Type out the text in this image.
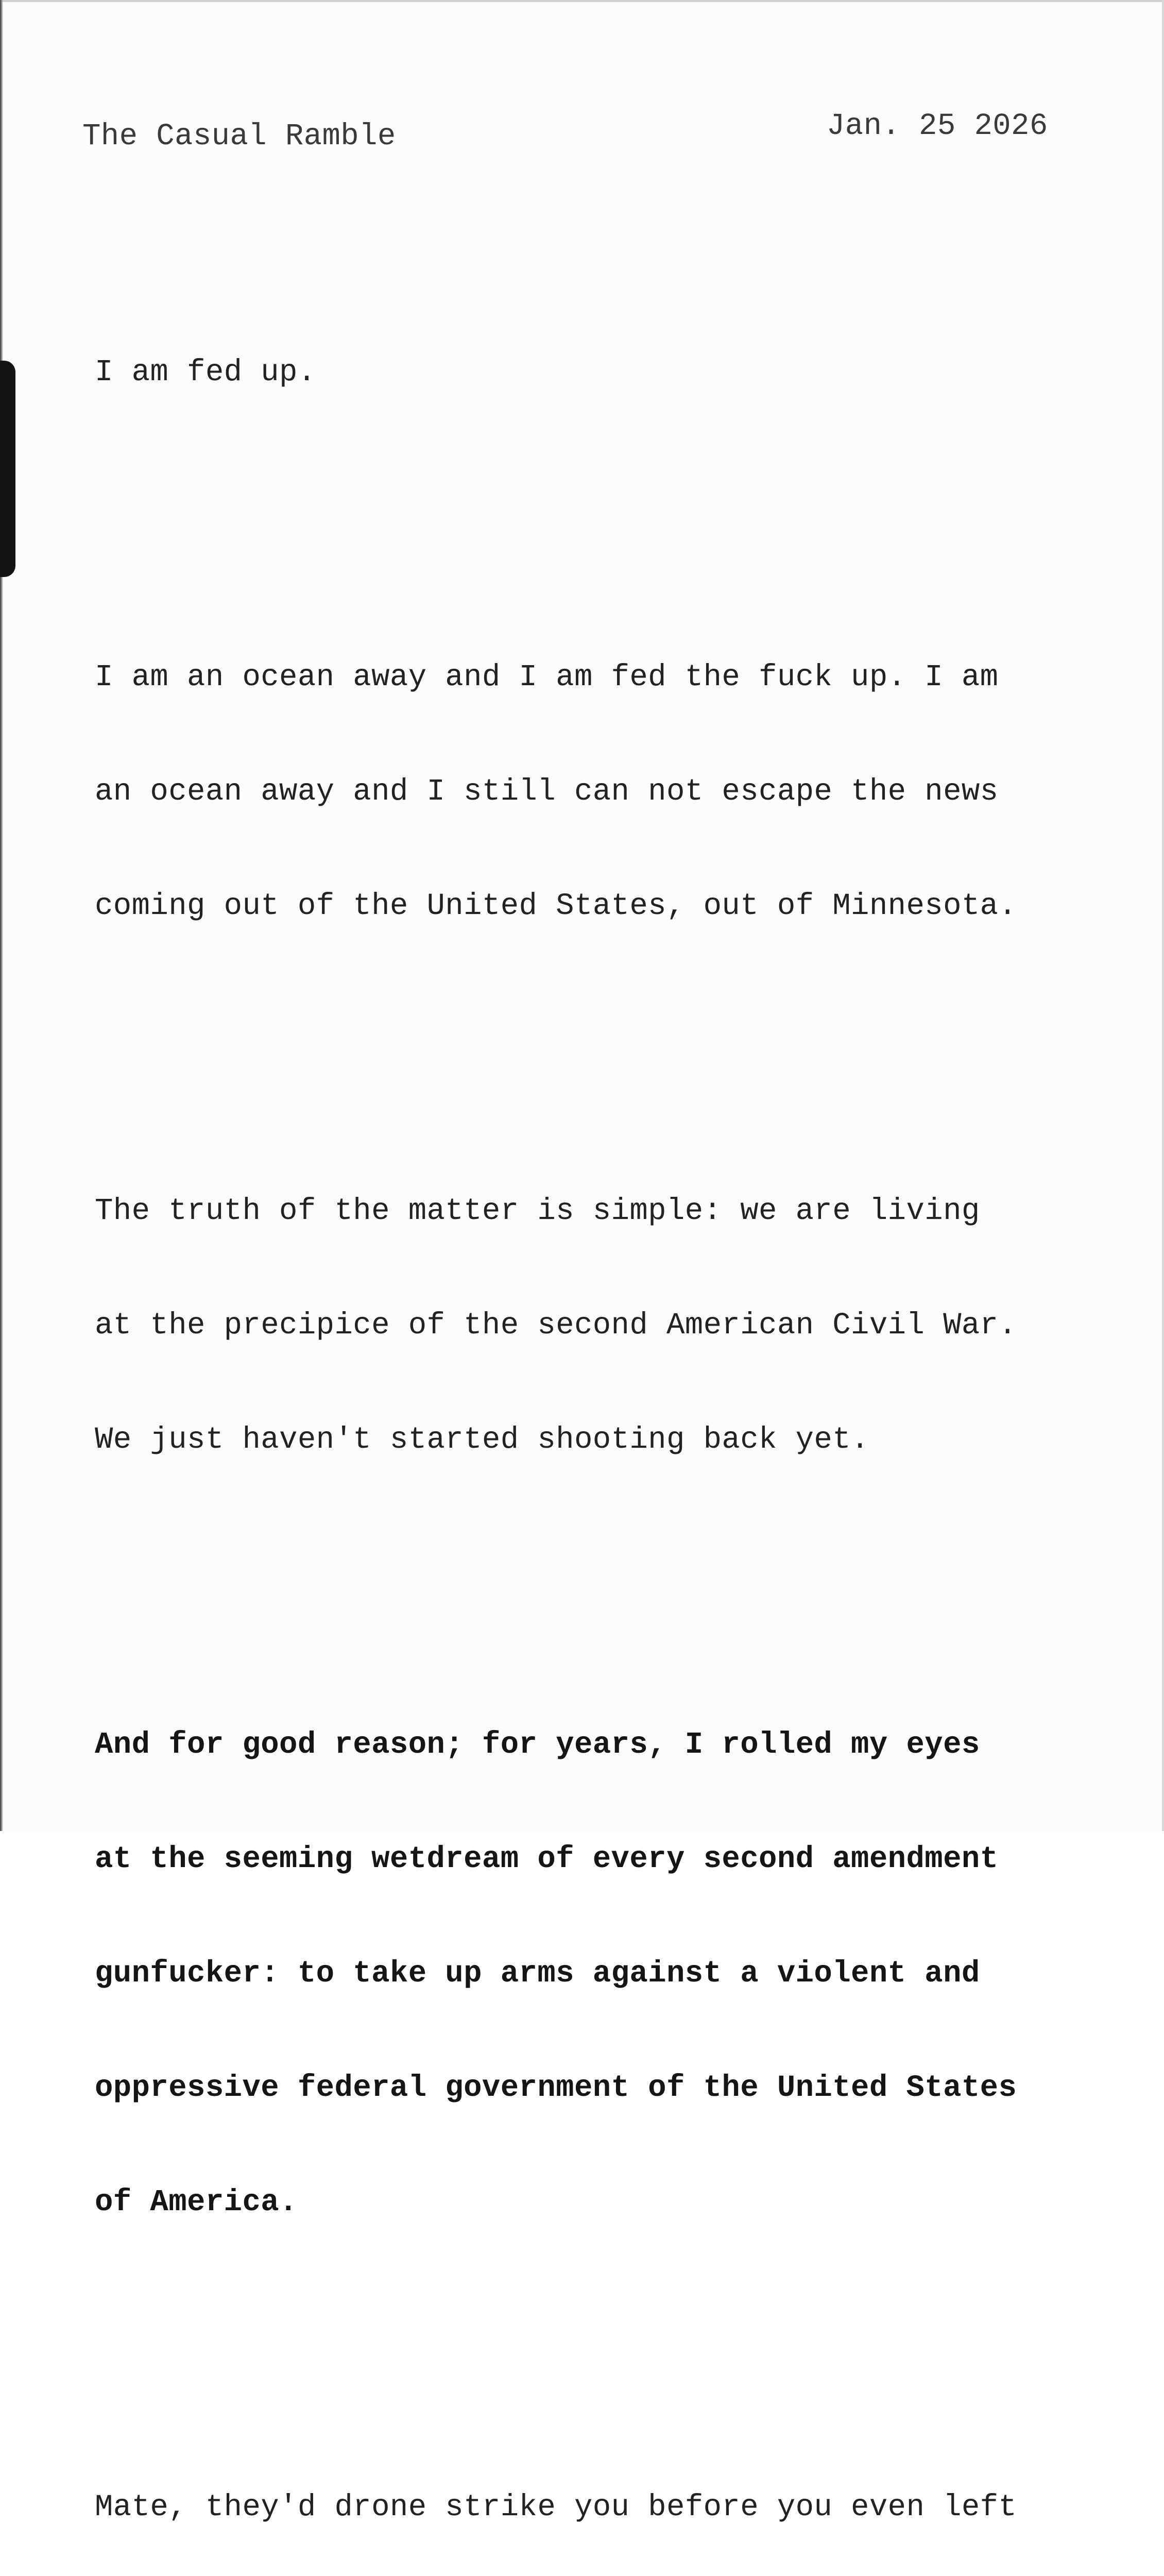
The Casual Ramble	Jan. 25 2026

I am fed up.

I am an ocean away and I am fed the fuck up. I am

an ocean away and I still can not escape the news

coming out of the United States, out of Minnesota.

The truth of the matter is simple: we are living

at the precipice of the second American Civil War.

We just haven't started shooting back yet.

And for good reason; for years, I rolled my eyes

at the seeming wetdream of every second amendment

gunfucker: to take up arms against a violent and

oppressive federal government of the United States

of America.

Mate, they'd drone strike you before you even left
